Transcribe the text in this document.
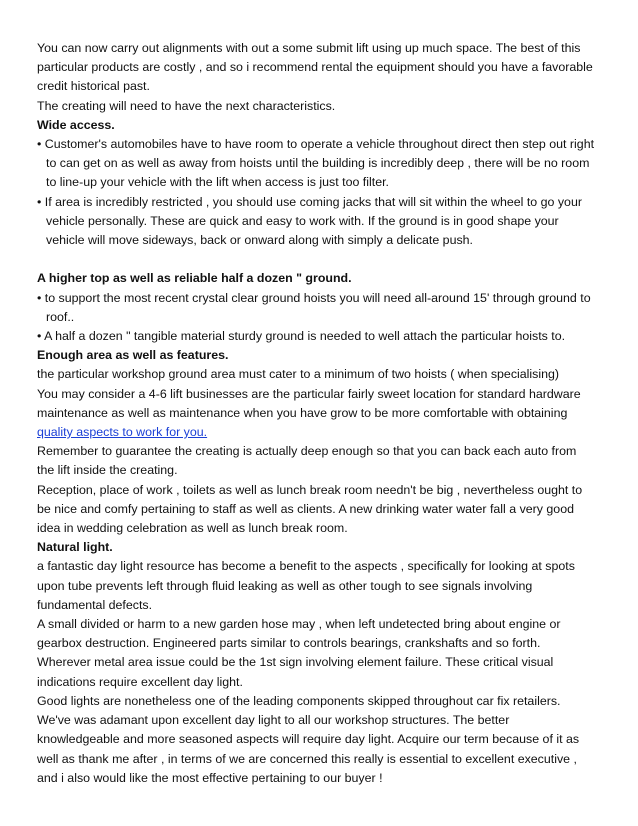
You can now carry out alignments with out a some submit lift using up much space. The best of this
particular products are costly , and so i recommend rental the equipment should you have a favorable
credit historical past.
The creating will need to have the next characteristics.
Wide access.
• Customer's automobiles have to have room to operate a vehicle throughout direct then step out right
to can get on as well as away from hoists until the building is incredibly deep , there will be no room
to line-up your vehicle with the lift when access is just too filter.
• If area is incredibly restricted , you should use coming jacks that will sit within the wheel to go your
vehicle personally. These are quick and easy to work with. If the ground is in good shape your
vehicle will move sideways, back or onward along with simply a delicate push.
A higher top as well as reliable half a dozen " ground.
• to support the most recent crystal clear ground hoists you will need all-around 15' through ground to
roof..
• A half a dozen " tangible material sturdy ground is needed to well attach the particular hoists to.
Enough area as well as features.
the particular workshop ground area must cater to a minimum of two hoists ( when specialising)
You may consider a 4-6 lift businesses are the particular fairly sweet location for standard hardware
maintenance as well as maintenance when you have grow to be more comfortable with obtaining
quality aspects to work for you.
Remember to guarantee the creating is actually deep enough so that you can back each auto from
the lift inside the creating.
Reception, place of work , toilets as well as lunch break room needn't be big , nevertheless ought to
be nice and comfy pertaining to staff as well as clients. A new drinking water water fall a very good
idea in wedding celebration as well as lunch break room.
Natural light.
a fantastic day light resource has become a benefit to the aspects , specifically for looking at spots
upon tube prevents left through fluid leaking as well as other tough to see signals involving
fundamental defects.
A small divided or harm to a new garden hose may , when left undetected bring about engine or
gearbox destruction. Engineered parts similar to controls bearings, crankshafts and so forth.
Wherever metal area issue could be the 1st sign involving element failure. These critical visual
indications require excellent day light.
Good lights are nonetheless one of the leading components skipped throughout car fix retailers.
We've was adamant upon excellent day light to all our workshop structures. The better
knowledgeable and more seasoned aspects will require day light. Acquire our term because of it as
well as thank me after , in terms of we are concerned this really is essential to excellent executive ,
and i also would like the most effective pertaining to our buyer !
